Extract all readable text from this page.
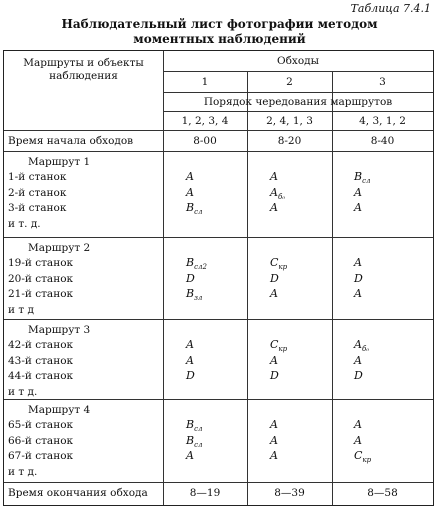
Таблица 7.4.1
Наблюдательный лист фотографии методом
моментных наблюдений
Маршруты и объекты
наблюдения
Обходы
1	2	3
Порядок чередования маршрутов
1, 2, 3, 4	2, 4, 1, 3	4, 3, 1, 2
Время начала обходов	8-00	8-20	8-40
Время окончания обхода	8—19	8—39	8—58
Маршрут 1
1-й станок	A	A	$B_{сл}$
2-й станок	A	$A_{б_0}$	A
3-й станок	$B_{сл}$	A	A
и т. д.
Маршрут 2
19-й станок	$B_{сл2}$	$C_{кр}$	A
20-й станок	D	D	D
21-й станок	$B_{зл}$	A	A
и т д
Маршрут 3
42-й станок	A	$C_{кр}$	$A_{б_0}$
43-й станок	A	A	A
44-й станок	D	D	D
и т д.
Маршрут 4
65-й станок	$B_{сл}$	A	A
66-й станок	$B_{сл}$	A	A
67-й станок	A	A	$C_{кр}$
и т д.
